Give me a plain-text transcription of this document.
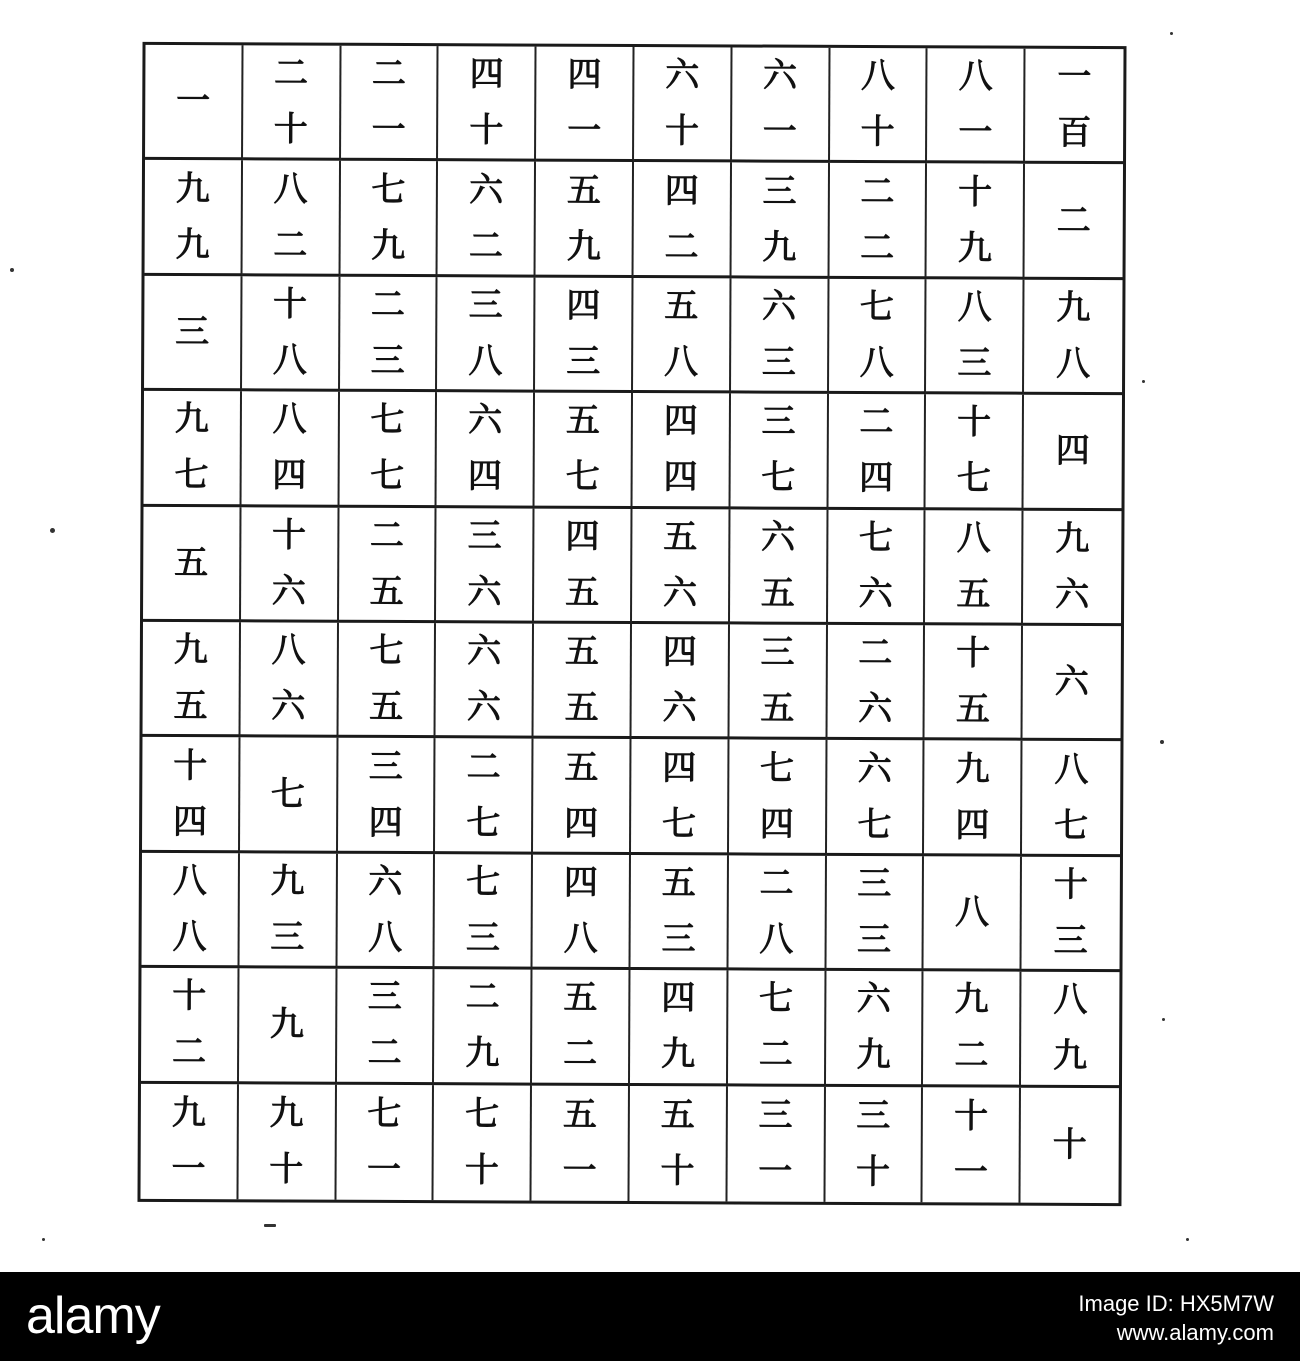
一
二
十
二
一
四
十
四
一
六
十
六
一
八
十
八
一
一
百
九
九
八
二
七
九
六
二
五
九
四
二
三
九
二
二
十
九
二
三
十
八
二
三
三
八
四
三
五
八
六
三
七
八
八
三
九
八
九
七
八
四
七
七
六
四
五
七
四
四
三
七
二
四
十
七
四
五
十
六
二
五
三
六
四
五
五
六
六
五
七
六
八
五
九
六
九
五
八
六
七
五
六
六
五
五
四
六
三
五
二
六
十
五
六
十
四
七
三
四
二
七
五
四
四
七
七
四
六
七
九
四
八
七
八
八
九
三
六
八
七
三
四
八
五
三
二
八
三
三
八
十
三
十
二
九
三
二
二
九
五
二
四
九
七
二
六
九
九
二
八
九
九
一
九
十
七
一
七
十
五
一
五
十
三
一
三
十
十
一
十
alamy	Image ID: HX5M7W
www.alamy.com
